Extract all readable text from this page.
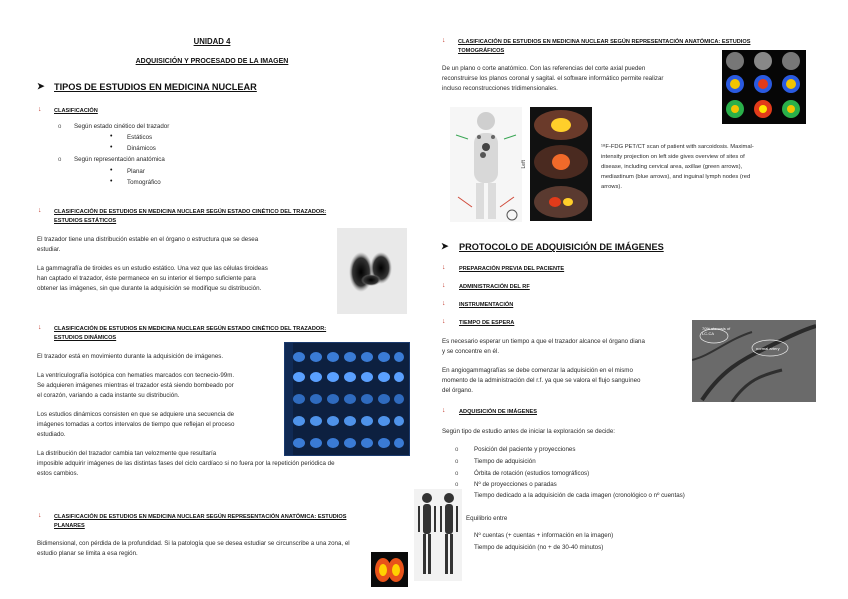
UNIDAD 4
ADQUISICIÓN Y PROCESADO DE LA IMAGEN
➤ TIPOS DE ESTUDIOS EN MEDICINA NUCLEAR
↓ CLASIFICACIÓN
o Según estado cinético del trazador
• Estáticos
• Dinámicos
o Según representación anatómica
• Planar
• Tomográfico
↓ CLASIFICACIÓN DE ESTUDIOS EN MEDICINA NUCLEAR SEGÚN ESTADO CINÉTICO DEL TRAZADOR:
ESTUDIOS ESTÁTICOS
El trazador tiene una distribución estable en el órgano o estructura que se desea
estudiar.
La gammagrafía de tiroides es un estudio estático. Una vez que las células tiroideas
han captado el trazador, éste permanece en su interior el tiempo suficiente para
obtener las imágenes, sin que durante la adquisición se modifique su distribución.
↓ CLASIFICACIÓN DE ESTUDIOS EN MEDICINA NUCLEAR SEGÚN ESTADO CINÉTICO DEL TRAZADOR:
ESTUDIOS DINÁMICOS
El trazador está en movimiento durante la adquisición de imágenes.
La ventriculografía isotópica con hematíes marcados con tecnecio-99m.
Se adquieren imágenes mientras el trazador está siendo bombeado por
el corazón, variando a cada instante su distribución.
Los estudios dinámicos consisten en que se adquiere una secuencia de
imágenes tomadas a cortos intervalos de tiempo que reflejan el proceso
estudiado.
La distribución del trazador cambia tan velozmente que resultaría
imposible adquirir imágenes de las distintas fases del ciclo cardíaco si no fuera por la repetición periódica de
estos cambios.
↓ CLASIFICACIÓN DE ESTUDIOS EN MEDICINA NUCLEAR SEGÚN REPRESENTACIÓN ANATÓMICA: ESTUDIOS
PLANARES
Bidimensional, con pérdida de la profundidad. Si la patología que se desea estudiar se circunscribe a una zona, el
estudio planar se limita a esa región.
↓ CLASIFICACIÓN DE ESTUDIOS EN MEDICINA NUCLEAR SEGÚN REPRESENTACIÓN ANATÓMICA: ESTUDIOS
TOMOGRÁFICOS
De un plano o corte anatómico. Con las referencias del corte axial pueden
reconstruirse los planos coronal y sagital. el software informático permite realizar
incluso reconstrucciones tridimensionales.
Left
¹⁸F-FDG PET/CT scan of patient with sarcoidosis. Maximal-
intensity projection on left side gives overview of sites of
disease, including cervical area, axillae (green arrows),
mediastinum (blue arrows), and inguinal lymph nodes (red
arrows).
➤ PROTOCOLO DE ADQUISICIÓN DE IMÁGENES
↓ PREPARACIÓN PREVIA DEL PACIENTE
↓ ADMINISTRACIÓN DEL RF
↓ INSTRUMENTACIÓN
↓ TIEMPO DE ESPERA
Es necesario esperar un tiempo a que el trazador alcance el órgano diana
y se concentre en él.
En angiogammagrafías se debe comenzar la adquisición en el mismo
momento de la administración del r.f. ya que se valora el flujo sanguíneo
del órgano.
70% stenosis of
LC-CA
normal artery
↓ ADQUISICIÓN DE IMÁGENES
Según tipo de estudio antes de iniciar la exploración se decide:
o	Posición del paciente y proyecciones
o	Tiempo de adquisición
o	Órbita de rotación (estudios tomográficos)
o	Nº de proyecciones o paradas
Tiempo dedicado a la adquisición de cada imagen (cronológico o nº cuentas)
Equilibrio entre
Nº cuentas (+ cuentas + información en la imagen)
Tiempo de adquisición (no + de 30-40 minutos)
